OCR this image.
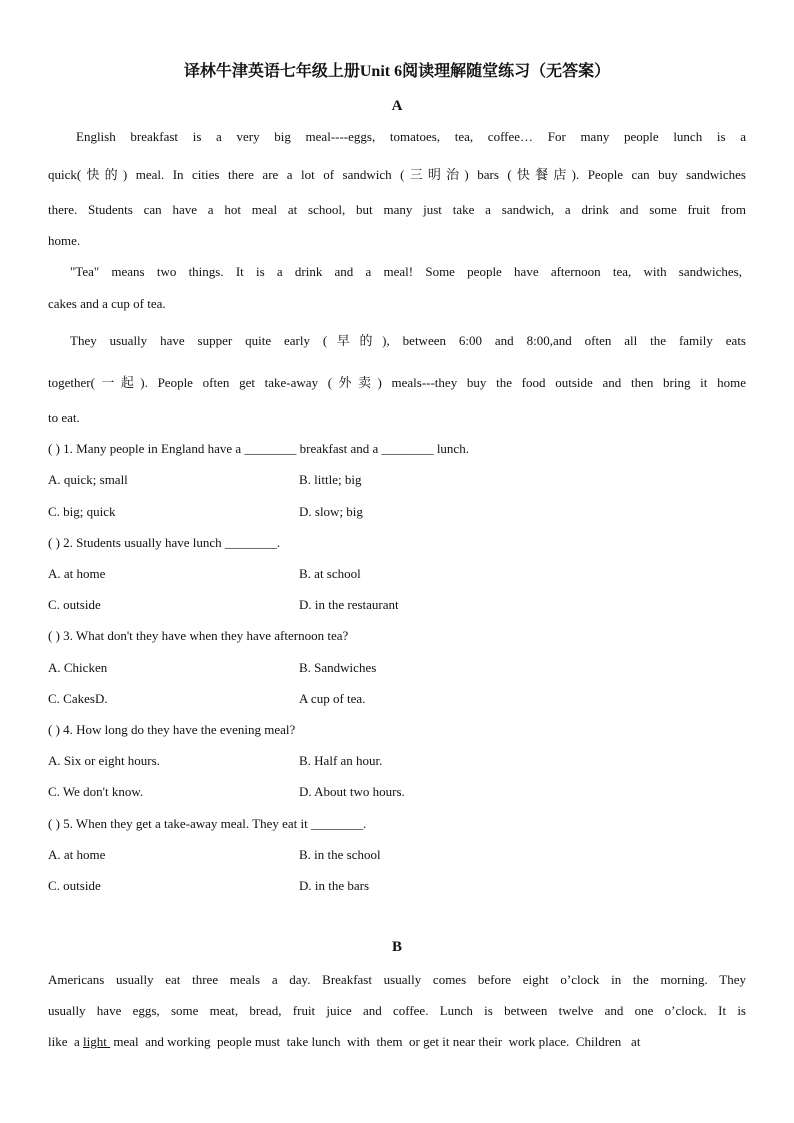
译林牛津英语七年级上册Unit 6阅读理解随堂练习（无答案）
A
English breakfast is a very big meal----eggs, tomatoes, tea, coffee… For many people lunch is a
quick(快的) meal. In cities there are a lot of sandwich (三明治) bars (快餐店). People can buy sandwiches
there. Students can have a hot meal at school, but many just take a sandwich, a drink and some fruit from
home.
"Tea" means two things. It is a drink and a meal! Some people have afternoon tea, with sandwiches,
cakes and a cup of tea.
They usually have supper quite early (早的), between 6:00 and 8:00,and often all the family eats
together(一起). People often get take-away (外卖) meals---they buy the food outside and then bring it home
to eat.
( ) 1. Many people in England have a ________ breakfast and a ________ lunch.
A. quick; small	B. little; big
C. big; quick	D. slow; big
( ) 2. Students usually have lunch ________.
A. at home	B. at school
C. outside	D. in the restaurant
( ) 3. What don't they have when they have afternoon tea?
A. Chicken	B. Sandwiches
C. CakesD.	A cup of tea.
( ) 4. How long do they have the evening meal?
A. Six or eight hours.	B. Half an hour.
C. We don't know.	D. About two hours.
( ) 5. When they get a take-away meal. They eat it ________.
A. at home	B. in the school
C. outside	D. in the bars
B
Americans usually eat three meals a day. Breakfast usually comes before eight o’clock in the morning. They
usually have eggs, some meat, bread, fruit juice and coffee. Lunch is between twelve and one o’clock. It is
like  a light  meal  and working  people must  take lunch  with  them  or get it near their  work place.  Children   at
